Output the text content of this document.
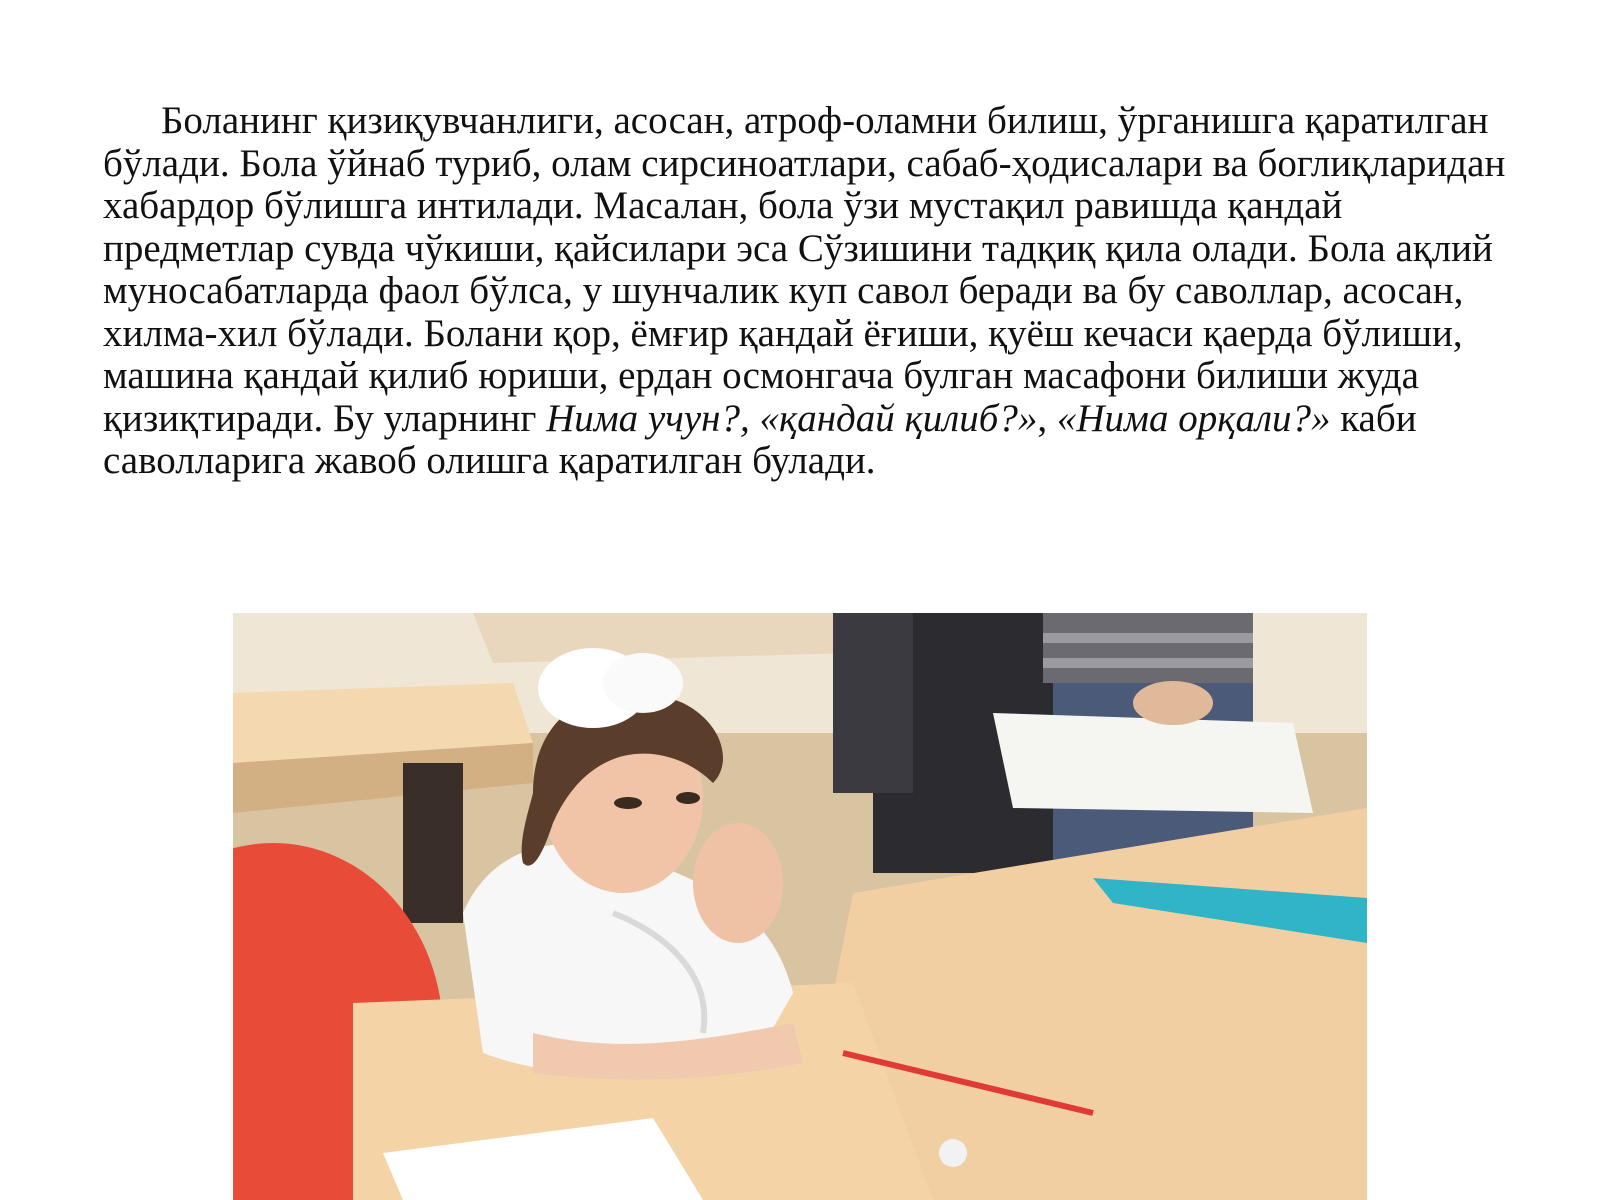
Боланинг қизиқувчанлиги, асосан, атроф-оламни билиш, ўрганишга қаратилган бўлади. Бола ўйнаб туриб, олам сирсиноатлари, сабаб-ҳодисалари ва боглиқларидан хабардор бўлишга интилади. Масалан, бола ўзи мустақил равишда қандай предметлар сувда чўкиши, қайсилари эса Сўзишини тадқиқ қила олади. Бола ақлий муносабатларда фаол бўлса, у шунчалик куп савол беради ва бу саволлар, асосан, хилма-хил бўлади. Болани қор, ёмғир қандай ёғиши, қуёш кечаси қаерда бўлиши, машина қандай қилиб юриши, ердан осмонгача булган масафони билиши жуда қизиқтиради. Бу уларнинг Нима учун?, «қандай қилиб?», «Нима орқали?» каби саволларига жавоб олишга қаратилган булади.
